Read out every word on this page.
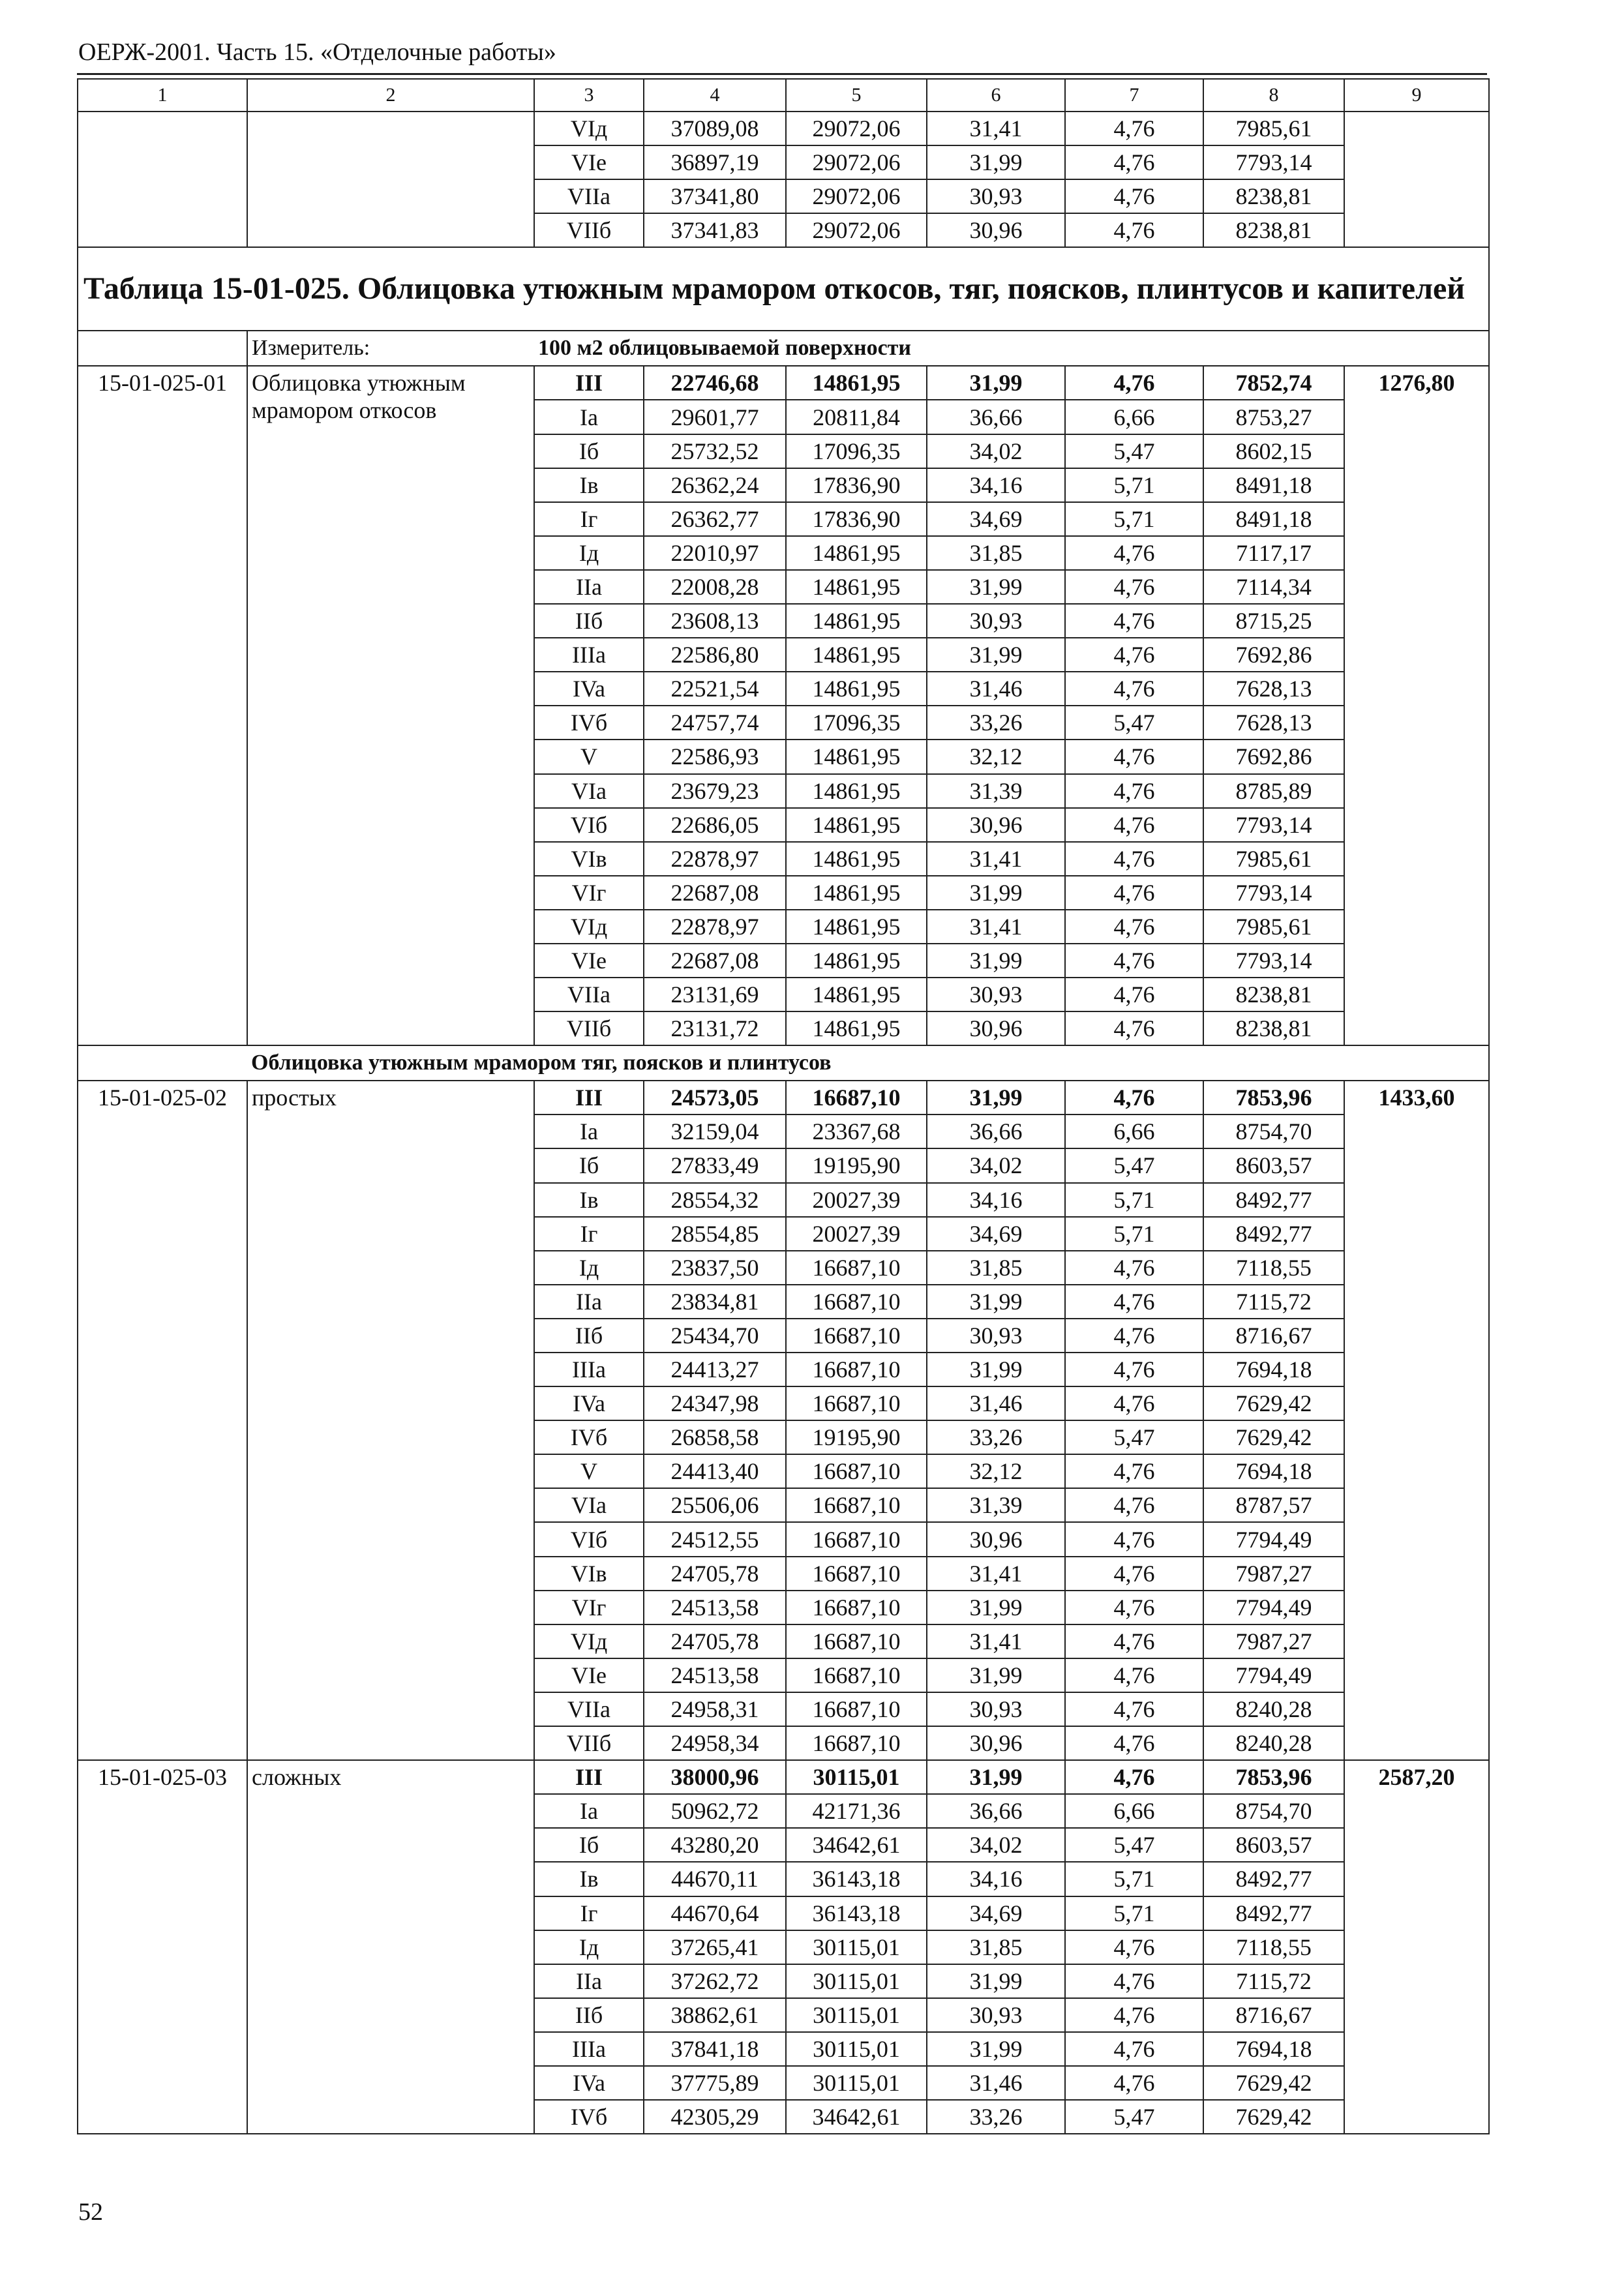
ОЕРЖ-2001. Часть 15. «Отделочные работы»
1	2	3	4	5	6	7	8	9
		VIд	37089,08	29072,06	31,41	4,76	7985,61	
		VIe	36897,19	29072,06	31,99	4,76	7793,14	
		VIIa	37341,80	29072,06	30,93	4,76	8238,81	
		VIIб	37341,83	29072,06	30,96	4,76	8238,81	
Таблица 15-01-025. Облицовка утюжным мрамором откосов, тяг, поясков, плинтусов и капителей								
	Измеритель:	100 м2 облицовываемой поверхности						
15-01-025-01	Облицовка утюжным мрамором откосов	III	22746,68	14861,95	31,99	4,76	7852,74	1276,80
		Ia	29601,77	20811,84	36,66	6,66	8753,27	
		Iб	25732,52	17096,35	34,02	5,47	8602,15	
		Iв	26362,24	17836,90	34,16	5,71	8491,18	
		Iг	26362,77	17836,90	34,69	5,71	8491,18	
		Iд	22010,97	14861,95	31,85	4,76	7117,17	
		IIa	22008,28	14861,95	31,99	4,76	7114,34	
		IIб	23608,13	14861,95	30,93	4,76	8715,25	
		IIIa	22586,80	14861,95	31,99	4,76	7692,86	
		IVa	22521,54	14861,95	31,46	4,76	7628,13	
		IVб	24757,74	17096,35	33,26	5,47	7628,13	
		V	22586,93	14861,95	32,12	4,76	7692,86	
		VIa	23679,23	14861,95	31,39	4,76	8785,89	
		VIб	22686,05	14861,95	30,96	4,76	7793,14	
		VIв	22878,97	14861,95	31,41	4,76	7985,61	
		VIг	22687,08	14861,95	31,99	4,76	7793,14	
		VIд	22878,97	14861,95	31,41	4,76	7985,61	
		VIe	22687,08	14861,95	31,99	4,76	7793,14	
		VIIa	23131,69	14861,95	30,93	4,76	8238,81	
		VIIб	23131,72	14861,95	30,96	4,76	8238,81	
	Облицовка утюжным мрамором тяг, поясков и плинтусов							
15-01-025-02	простых	III	24573,05	16687,10	31,99	4,76	7853,96	1433,60
		Ia	32159,04	23367,68	36,66	6,66	8754,70	
		Iб	27833,49	19195,90	34,02	5,47	8603,57	
		Iв	28554,32	20027,39	34,16	5,71	8492,77	
		Iг	28554,85	20027,39	34,69	5,71	8492,77	
		Iд	23837,50	16687,10	31,85	4,76	7118,55	
		IIa	23834,81	16687,10	31,99	4,76	7115,72	
		IIб	25434,70	16687,10	30,93	4,76	8716,67	
		IIIa	24413,27	16687,10	31,99	4,76	7694,18	
		IVa	24347,98	16687,10	31,46	4,76	7629,42	
		IVб	26858,58	19195,90	33,26	5,47	7629,42	
		V	24413,40	16687,10	32,12	4,76	7694,18	
		VIa	25506,06	16687,10	31,39	4,76	8787,57	
		VIб	24512,55	16687,10	30,96	4,76	7794,49	
		VIв	24705,78	16687,10	31,41	4,76	7987,27	
		VIг	24513,58	16687,10	31,99	4,76	7794,49	
		VIд	24705,78	16687,10	31,41	4,76	7987,27	
		VIe	24513,58	16687,10	31,99	4,76	7794,49	
		VIIa	24958,31	16687,10	30,93	4,76	8240,28	
		VIIб	24958,34	16687,10	30,96	4,76	8240,28	
15-01-025-03	сложных	III	38000,96	30115,01	31,99	4,76	7853,96	2587,20
		Ia	50962,72	42171,36	36,66	6,66	8754,70	
		Iб	43280,20	34642,61	34,02	5,47	8603,57	
		Iв	44670,11	36143,18	34,16	5,71	8492,77	
		Iг	44670,64	36143,18	34,69	5,71	8492,77	
		Iд	37265,41	30115,01	31,85	4,76	7118,55	
		IIa	37262,72	30115,01	31,99	4,76	7115,72	
		IIб	38862,61	30115,01	30,93	4,76	8716,67	
		IIIa	37841,18	30115,01	31,99	4,76	7694,18	
		IVa	37775,89	30115,01	31,46	4,76	7629,42	
		IVб	42305,29	34642,61	33,26	5,47	7629,42	
52
